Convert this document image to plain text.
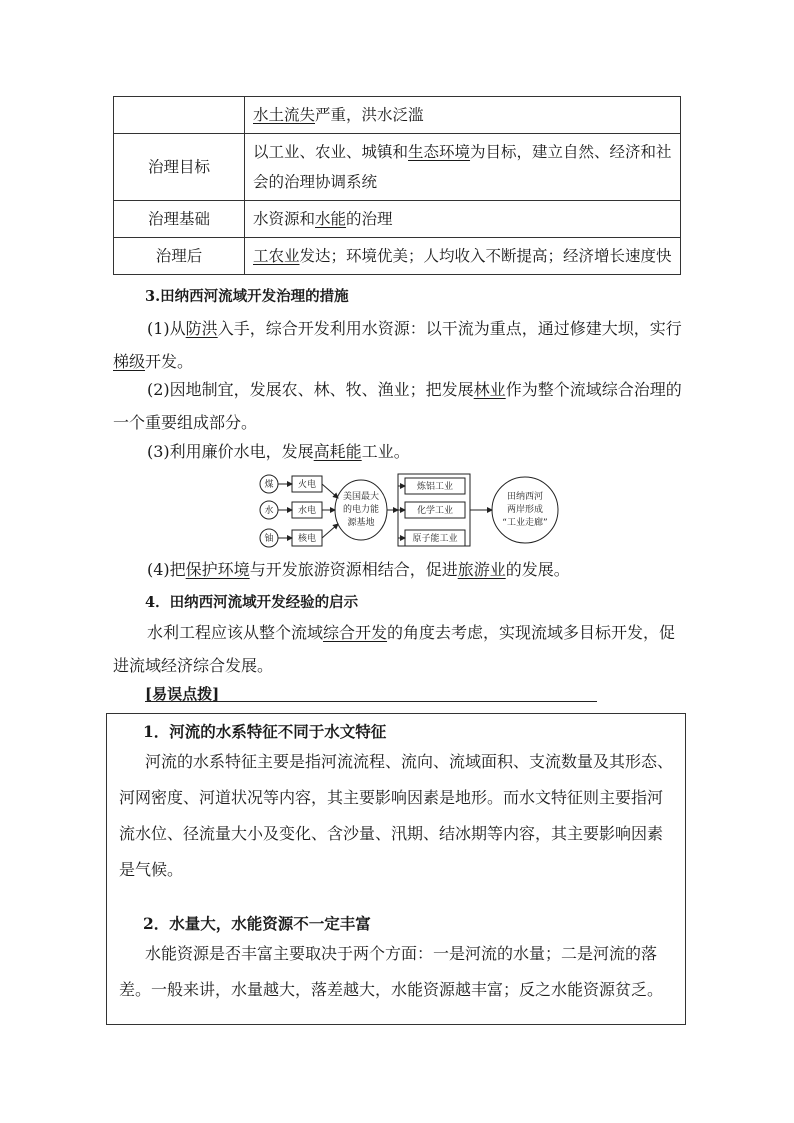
	水土流失严重，洪水泛滥
治理目标	以工业、农业、城镇和生态环境为目标，建立自然、经济和社会的治理协调系统
治理基础	水资源和水能的治理
治理后	工农业发达；环境优美；人均收入不断提高；经济增长速度快
3.田纳西河流域开发治理的措施
(1)从防洪入手，综合开发利用水资源：以干流为重点，通过修建大坝，实行梯级开发。
(2)因地制宜，发展农、林、牧、渔业；把发展林业作为整个流域综合治理的一个重要组成部分。
(3)利用廉价水电，发展高耗能工业。
煤
水
铀
火电
水电
核电
美国最大
的电力能
源基地
炼铝工业
化学工业
原子能工业
田纳西河
两岸形成
“工业走廊”
(4)把保护环境与开发旅游资源相结合，促进旅游业的发展。
4．田纳西河流域开发经验的启示
水利工程应该从整个流域综合开发的角度去考虑，实现流域多目标开发，促进流域经济综合发展。
[易误点拨]
1．河流的水系特征不同于水文特征
河流的水系特征主要是指河流流程、流向、流域面积、支流数量及其形态、河网密度、河道状况等内容，其主要影响因素是地形。而水文特征则主要指河流水位、径流量大小及变化、含沙量、汛期、结冰期等内容，其主要影响因素是气候。
2．水量大，水能资源不一定丰富
水能资源是否丰富主要取决于两个方面：一是河流的水量；二是河流的落差。一般来讲，水量越大，落差越大，水能资源越丰富；反之水能资源贫乏。
